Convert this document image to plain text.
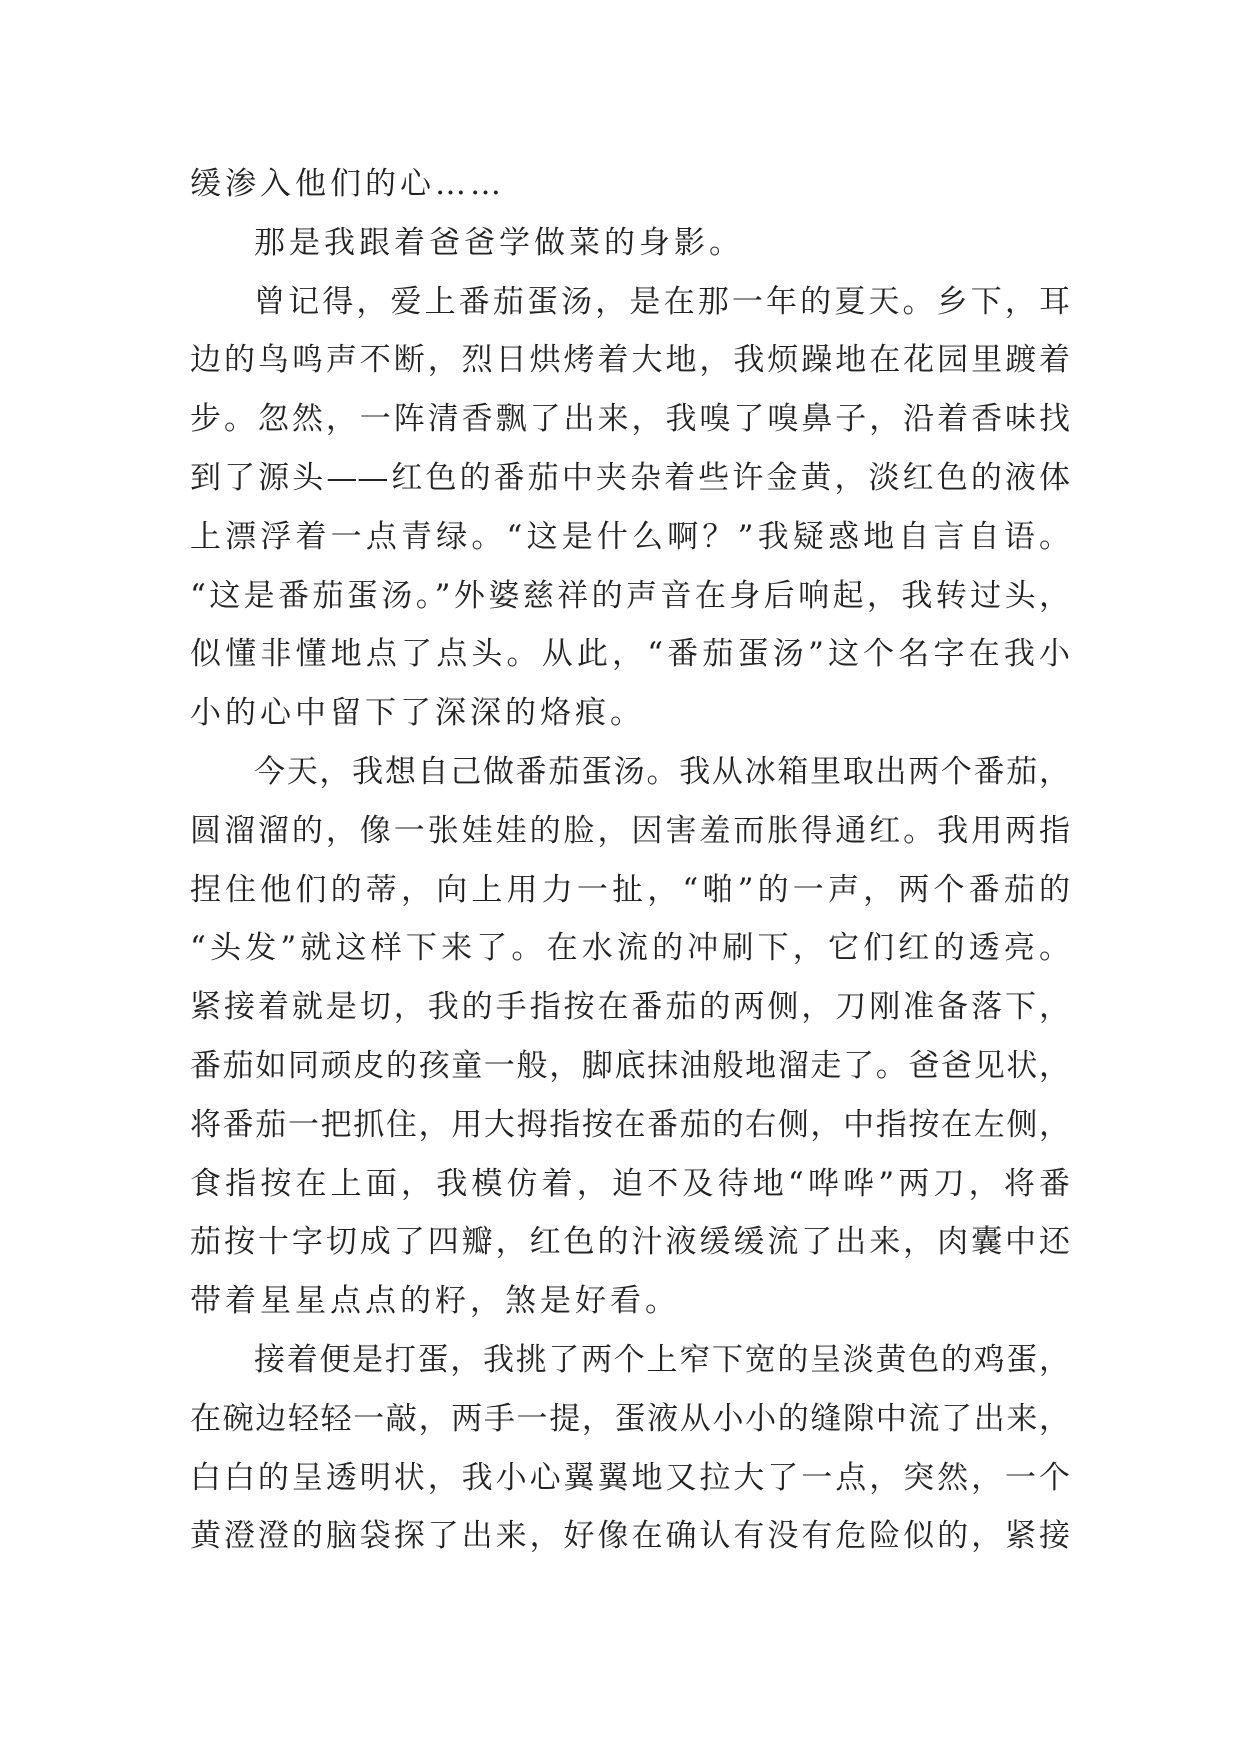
缓渗入他们的心……
那是我跟着爸爸学做菜的身影。
曾记得，爱上番茄蛋汤，是在那一年的夏天。乡下，耳
边的鸟鸣声不断，烈日烘烤着大地，我烦躁地在花园里踱着
步。忽然，一阵清香飘了出来，我嗅了嗅鼻子，沿着香味找
到了源头——红色的番茄中夹杂着些许金黄，淡红色的液体
上漂浮着一点青绿。“这是什么啊？”我疑惑地自言自语。
“这是番茄蛋汤。”外婆慈祥的声音在身后响起，我转过头，
似懂非懂地点了点头。从此，“番茄蛋汤”这个名字在我小
小的心中留下了深深的烙痕。
今天，我想自己做番茄蛋汤。我从冰箱里取出两个番茄，
圆溜溜的，像一张娃娃的脸，因害羞而胀得通红。我用两指
捏住他们的蒂，向上用力一扯，“啪”的一声，两个番茄的
“头发”就这样下来了。在水流的冲刷下，它们红的透亮。
紧接着就是切，我的手指按在番茄的两侧，刀刚准备落下，
番茄如同顽皮的孩童一般，脚底抹油般地溜走了。爸爸见状，
将番茄一把抓住，用大拇指按在番茄的右侧，中指按在左侧，
食指按在上面，我模仿着，迫不及待地“哗哗”两刀，将番
茄按十字切成了四瓣，红色的汁液缓缓流了出来，肉囊中还
带着星星点点的籽，煞是好看。
接着便是打蛋，我挑了两个上窄下宽的呈淡黄色的鸡蛋，
在碗边轻轻一敲，两手一提，蛋液从小小的缝隙中流了出来，
白白的呈透明状，我小心翼翼地又拉大了一点，突然，一个
黄澄澄的脑袋探了出来，好像在确认有没有危险似的，紧接
